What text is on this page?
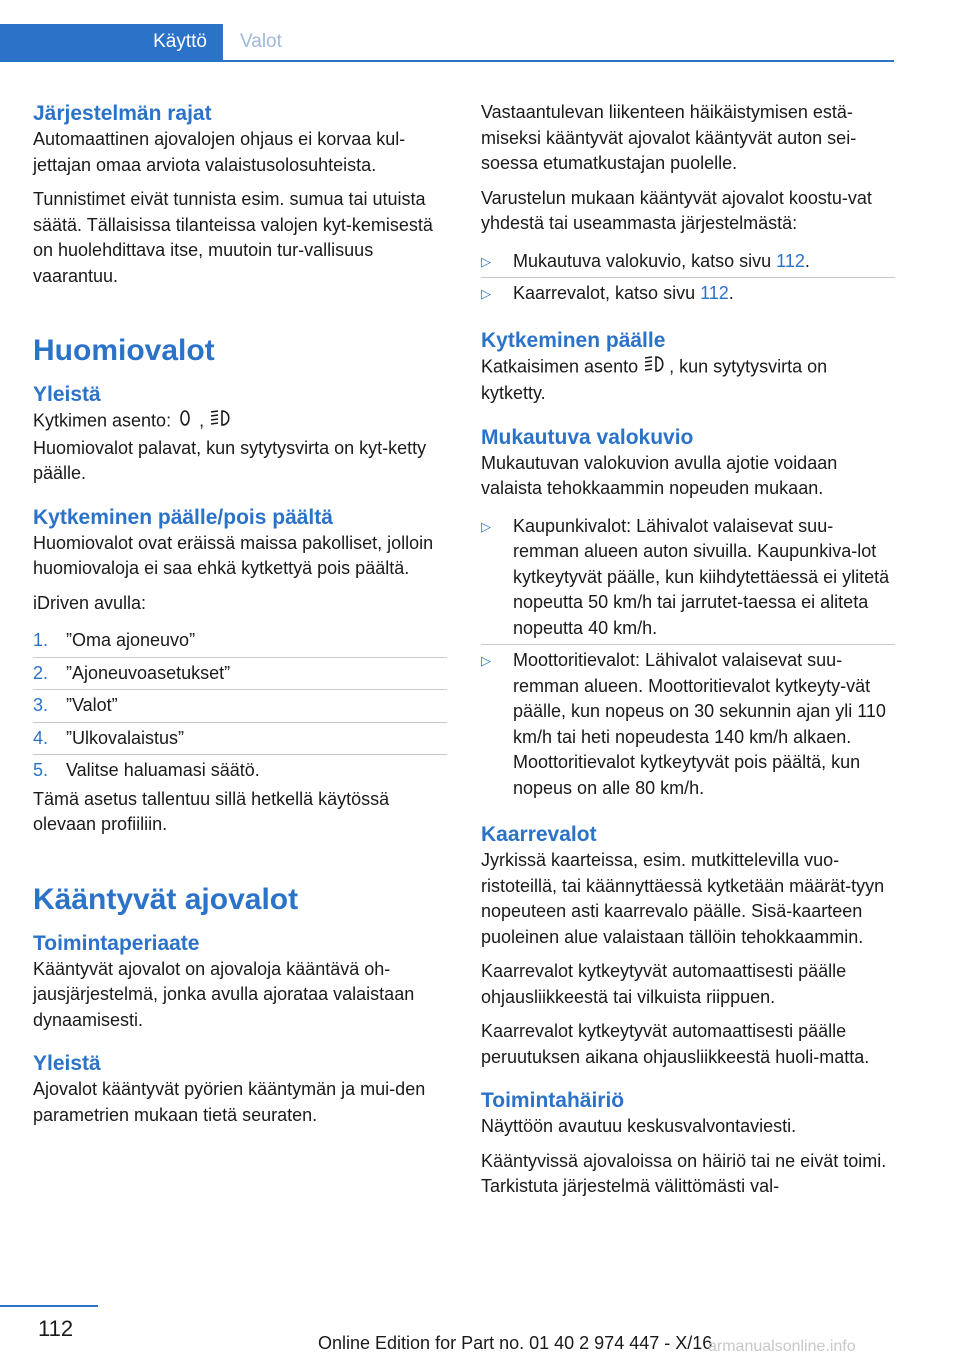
Käyttö	Valot
Järjestelmän rajat

Automaattinen ajovalojen ohjaus ei korvaa kul-jettajan omaa arviota valaistusolosuhteista.

Tunnistimet eivät tunnista esim. sumua tai utuista säätä. Tällaisissa tilanteissa valojen kyt-kemisestä on huolehdittava itse, muutoin tur-vallisuus vaarantuu.

Huomiovalot
Yleistä

Kytkimen asento: ,

Huomiovalot palavat, kun sytytysvirta on kyt-ketty päälle.

Kytkeminen päälle/pois päältä

Huomiovalot ovat eräissä maissa pakolliset, jolloin huomiovaloja ei saa ehkä kytkettyä pois päältä.

iDriven avulla:

1. ”Oma ajoneuvo”
2. ”Ajoneuvoasetukset”
3. ”Valot”
4. ”Ulkovalaistus”
5. Valitse haluamasi säätö.

Tämä asetus tallentuu sillä hetkellä käytössä olevaan profiiliin.

Kääntyvät ajovalot
Toimintaperiaate

Kääntyvät ajovalot on ajovaloja kääntävä oh-jausjärjestelmä, jonka avulla ajorataa valaistaan dynaamisesti.

Yleistä

Ajovalot kääntyvät pyörien kääntymän ja mui-den parametrien mukaan tietä seuraten.

Vastaantulevan liikenteen häikäistymisen estä-miseksi kääntyvät ajovalot kääntyvät auton sei-soessa etumatkustajan puolelle.

Varustelun mukaan kääntyvät ajovalot koostu-vat yhdestä tai useammasta järjestelmästä:

▷	Mukautuva valokuvio, katso sivu 112.
▷	Kaarrevalot, katso sivu 112.
Kytkeminen päälle

Katkaisimen asento , kun sytytysvirta on kytketty.

Mukautuva valokuvio

Mukautuvan valokuvion avulla ajotie voidaan valaista tehokkaammin nopeuden mukaan.

▷	Kaupunkivalot: Lähivalot valaisevat suu-remman alueen auton sivuilla. Kaupunkiva-lot kytkeytyvät päälle, kun kiihdytettäessä ei ylitetä nopeutta 50 km/h tai jarrutet-taessa ei aliteta nopeutta 40 km/h.
▷	Moottoritievalot: Lähivalot valaisevat suu-remman alueen. Moottoritievalot kytkeyty-vät päälle, kun nopeus on 30 sekunnin ajan yli 110 km/h tai heti nopeudesta 140 km/h alkaen. Moottoritievalot kytkeytyvät pois päältä, kun nopeus on alle 80 km/h.
Kaarrevalot

Jyrkissä kaarteissa, esim. mutkittelevilla vuo-ristoteillä, tai käännyttäessä kytketään määrät-tyyn nopeuteen asti kaarrevalo päälle. Sisä-kaarteen puoleinen alue valaistaan tällöin tehokkaammin.

Kaarrevalot kytkeytyvät automaattisesti päälle ohjausliikkeestä tai vilkuista riippuen.

Kaarrevalot kytkeytyvät automaattisesti päälle peruutuksen aikana ohjausliikkeestä huoli-matta.

Toimintahäiriö

Näyttöön avautuu keskusvalvontaviesti.

Kääntyvissä ajovaloissa on häiriö tai ne eivät toimi. Tarkistuta järjestelmä välittömästi val-

112
Online Edition for Part no. 01 40 2 974 447 - X/16
armanualsonline.info
